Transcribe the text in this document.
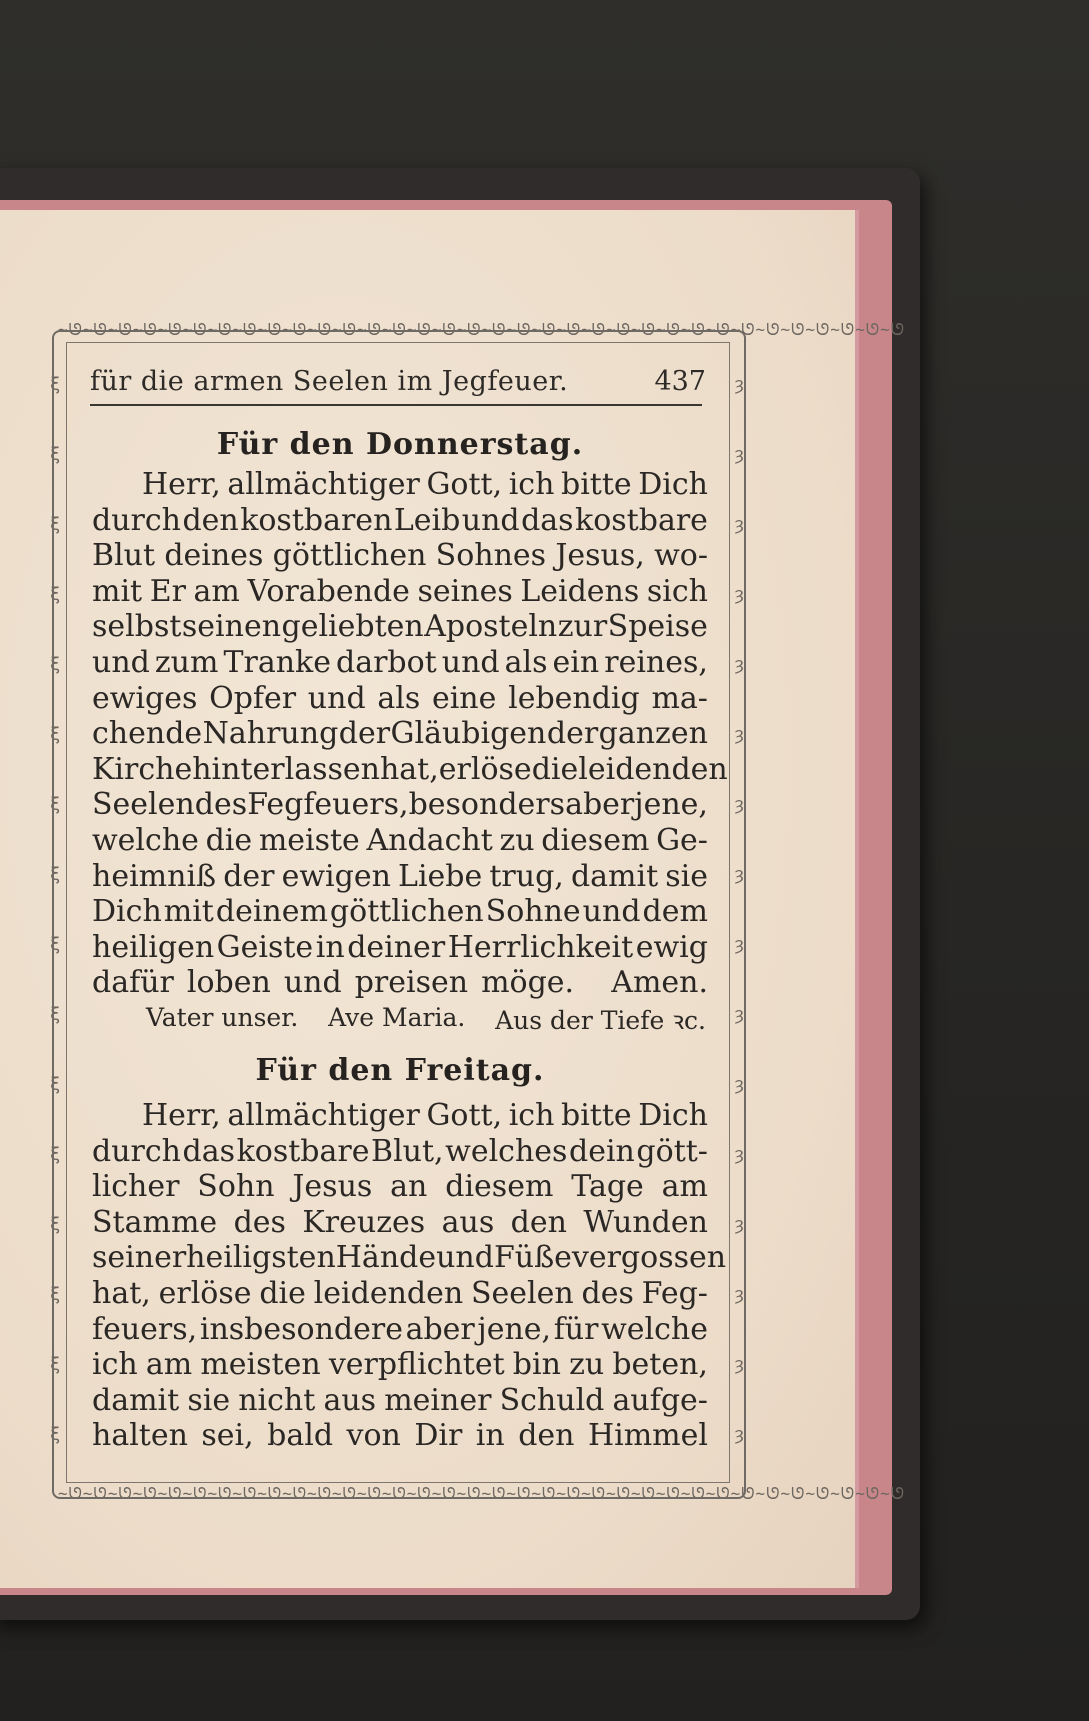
~ᘎ~ᘎ~ᘎ~ᘎ~ᘎ~ᘎ~ᘎ~ᘎ~ᘎ~ᘎ~ᘎ~ᘎ~ᘎ~ᘎ~ᘎ~ᘎ~ᘎ~ᘎ~ᘎ~ᘎ~ᘎ~ᘎ~ᘎ~ᘎ~ᘎ~ᘎ~ᘎ~ᘎ~ᘎ~ᘎ~ᘎ~ᘎ~ᘎ~ᘎ
~ᘎ~ᘎ~ᘎ~ᘎ~ᘎ~ᘎ~ᘎ~ᘎ~ᘎ~ᘎ~ᘎ~ᘎ~ᘎ~ᘎ~ᘎ~ᘎ~ᘎ~ᘎ~ᘎ~ᘎ~ᘎ~ᘎ~ᘎ~ᘎ~ᘎ~ᘎ~ᘎ~ᘎ~ᘎ~ᘎ~ᘎ~ᘎ~ᘎ~ᘎ
ξ ξ ξ ξ ξ ξ ξ ξ ξ ξ ξ ξ ξ ξ ξ ξ
ȝ ȝ ȝ ȝ ȝ ȝ ȝ ȝ ȝ ȝ ȝ ȝ ȝ ȝ ȝ ȝ
für die armen Seelen im Jegfeuer.	437
Für den Donnerstag.
Herr, allmächtiger Gott, ich bitte Dich
durch den kostbaren Leib und das kostbare
Blut deines göttlichen Sohnes Jesus, wo-
mit Er am Vorabende seines Leidens sich
selbst seinen geliebten Aposteln zur Speise
und zum Tranke darbot und als ein reines,
ewiges Opfer und als eine lebendig ma-
chende Nahrung der Gläubigen der ganzen
Kirche hinterlassen hat, erlöse die leidenden
Seelen des Fegfeuers, besonders aber jene,
welche die meiste Andacht zu diesem Ge-
heimniß der ewigen Liebe trug, damit sie
Dich mit deinem göttlichen Sohne und dem
heiligen Geiste in deiner Herrlichkeit ewig
dafür loben und preisen möge. Amen.
Vater unser. Ave Maria. Aus der Tiefe ꝛc.
Für den Freitag.
Herr, allmächtiger Gott, ich bitte Dich
durch das kostbare Blut, welches dein gött-
licher Sohn Jesus an diesem Tage am
Stamme des Kreuzes aus den Wunden
seiner heiligsten Hände und Füße vergossen
hat, erlöse die leidenden Seelen des Feg-
feuers, insbesondere aber jene, für welche
ich am meisten verpflichtet bin zu beten,
damit sie nicht aus meiner Schuld aufge-
halten sei, bald von Dir in den Himmel
